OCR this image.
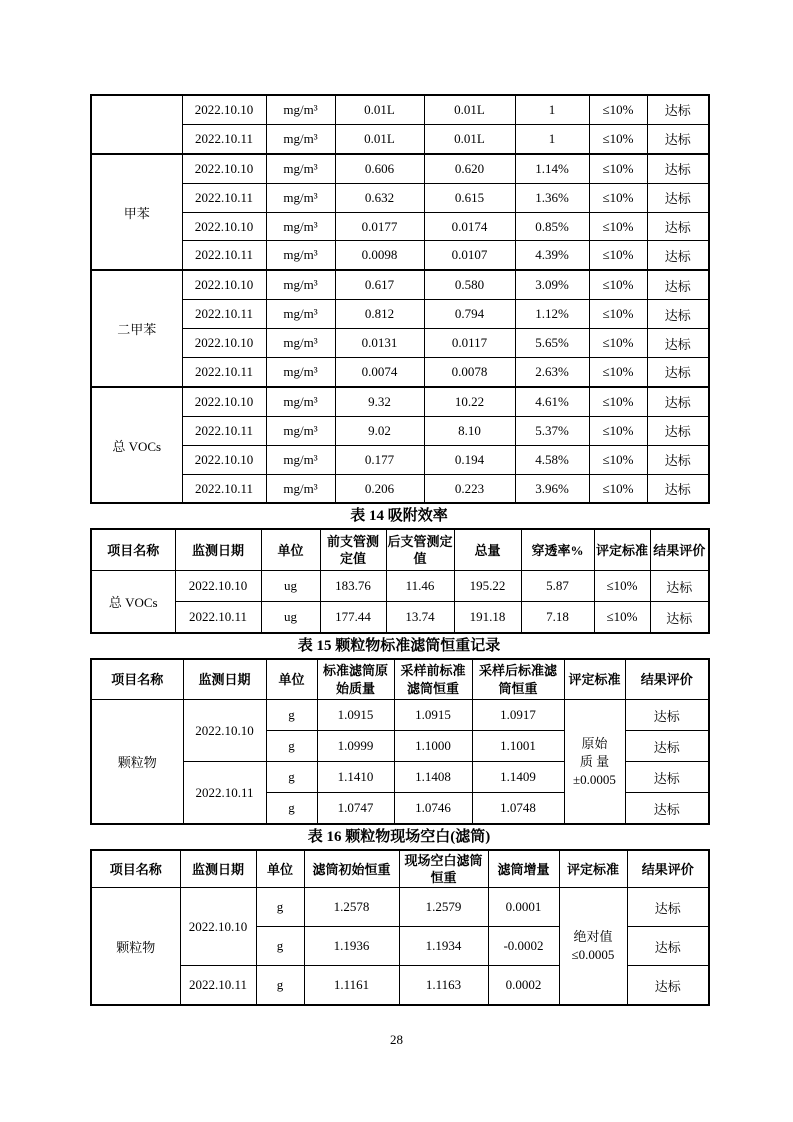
	2022.10.10	mg/m³	0.01L	0.01L	1	≤10%	达标
	2022.10.11	mg/m³	0.01L	0.01L	1	≤10%	达标
甲苯	2022.10.10	mg/m³	0.606	0.620	1.14%	≤10%	达标
	2022.10.11	mg/m³	0.632	0.615	1.36%	≤10%	达标
	2022.10.10	mg/m³	0.0177	0.0174	0.85%	≤10%	达标
	2022.10.11	mg/m³	0.0098	0.0107	4.39%	≤10%	达标
二甲苯	2022.10.10	mg/m³	0.617	0.580	3.09%	≤10%	达标
	2022.10.11	mg/m³	0.812	0.794	1.12%	≤10%	达标
	2022.10.10	mg/m³	0.0131	0.0117	5.65%	≤10%	达标
	2022.10.11	mg/m³	0.0074	0.0078	2.63%	≤10%	达标
总 VOCs	2022.10.10	mg/m³	9.32	10.22	4.61%	≤10%	达标
	2022.10.11	mg/m³	9.02	8.10	5.37%	≤10%	达标
	2022.10.10	mg/m³	0.177	0.194	4.58%	≤10%	达标
	2022.10.11	mg/m³	0.206	0.223	3.96%	≤10%	达标
表 14 吸附效率
项目名称	监测日期	单位	前支管测定值	后支管测定值	总量	穿透率%	评定标准	结果评价
总 VOCs	2022.10.10	ug	183.76	11.46	195.22	5.87	≤10%	达标
	2022.10.11	ug	177.44	13.74	191.18	7.18	≤10%	达标
表 15 颗粒物标准滤筒恒重记录
项目名称	监测日期	单位	标准滤筒原始质量	采样前标准滤筒恒重	采样后标准滤筒恒重	评定标准	结果评价
颗粒物	2022.10.10	g	1.0915	1.0915	1.0917	原始
质 量
±0.0005	达标
		g	1.0999	1.1000	1.1001		达标
	2022.10.11	g	1.1410	1.1408	1.1409		达标
		g	1.0747	1.0746	1.0748		达标
表 16 颗粒物现场空白(滤筒)
项目名称	监测日期	单位	滤筒初始恒重	现场空白滤筒恒重	滤筒增量	评定标准	结果评价
颗粒物	2022.10.10	g	1.2578	1.2579	0.0001	绝对值
≤0.0005	达标
		g	1.1936	1.1934	-0.0002		达标
	2022.10.11	g	1.1161	1.1163	0.0002		达标
28
